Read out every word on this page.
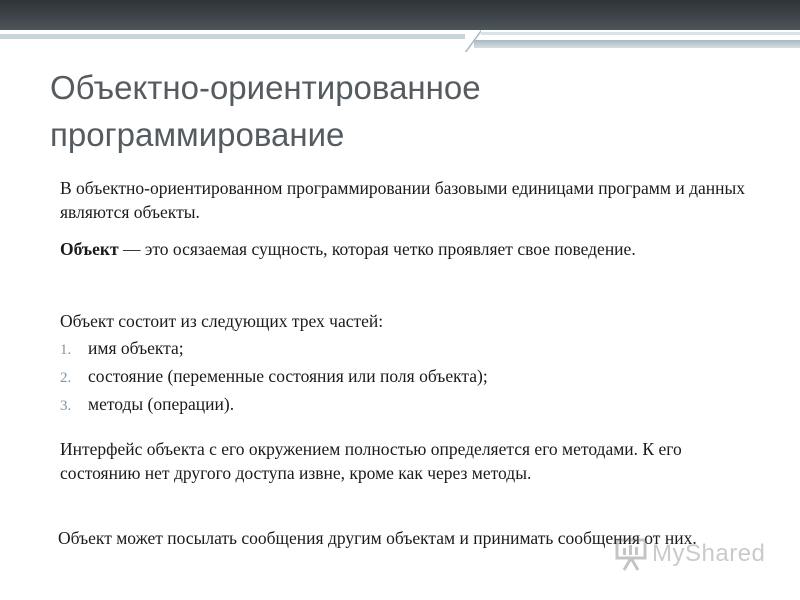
Объектно-ориентированное программирование
В объектно-ориентированном программировании базовыми единицами программ и данных являются объекты.
Объект — это осязаемая сущность, которая четко проявляет свое поведение.
Объект состоит из следующих трех частей:
1. имя объекта;
2. состояние (переменные состояния или поля объекта);
3. методы (операции).
Интерфейс объекта с его окружением полностью определяется его методами. К его состоянию нет другого доступа извне, кроме как через методы.
Объект может посылать сообщения другим объектам и принимать сообщения от них.
MyShared
